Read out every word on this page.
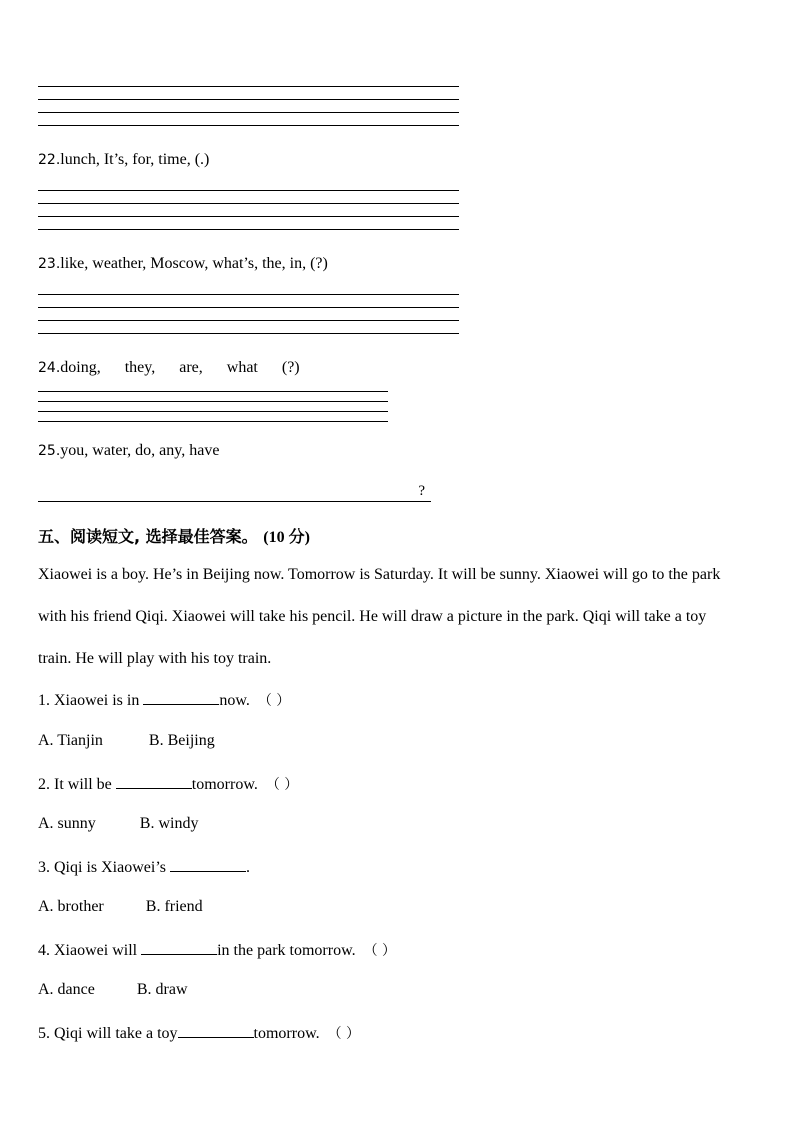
22.lunch, It’s, for, time, (.)
23.like, weather, Moscow, what’s, the, in, (?)
24.doing, they, are, what (?)
25.you, water, do, any, have
?
五、阅读短文, 选择最佳答案。 (10 分)
Xiaowei is a boy. He’s in Beijing now. Tomorrow is Saturday. It will be sunny. Xiaowei will go to the park with his friend Qiqi. Xiaowei will take his pencil. He will draw a picture in the park. Qiqi will take a toy train. He will play with his toy train.
1. Xiaowei is in	now. （ ）
A. Tianjin	B. Beijing
2. It will be	tomorrow. （ ）
A. sunny	B. windy
3. Qiqi is Xiaowei’s	.
A. brother	B. friend
4. Xiaowei will	in the park tomorrow. （ ）
A. dance	B. draw
5. Qiqi will take a toy	tomorrow. （ ）
